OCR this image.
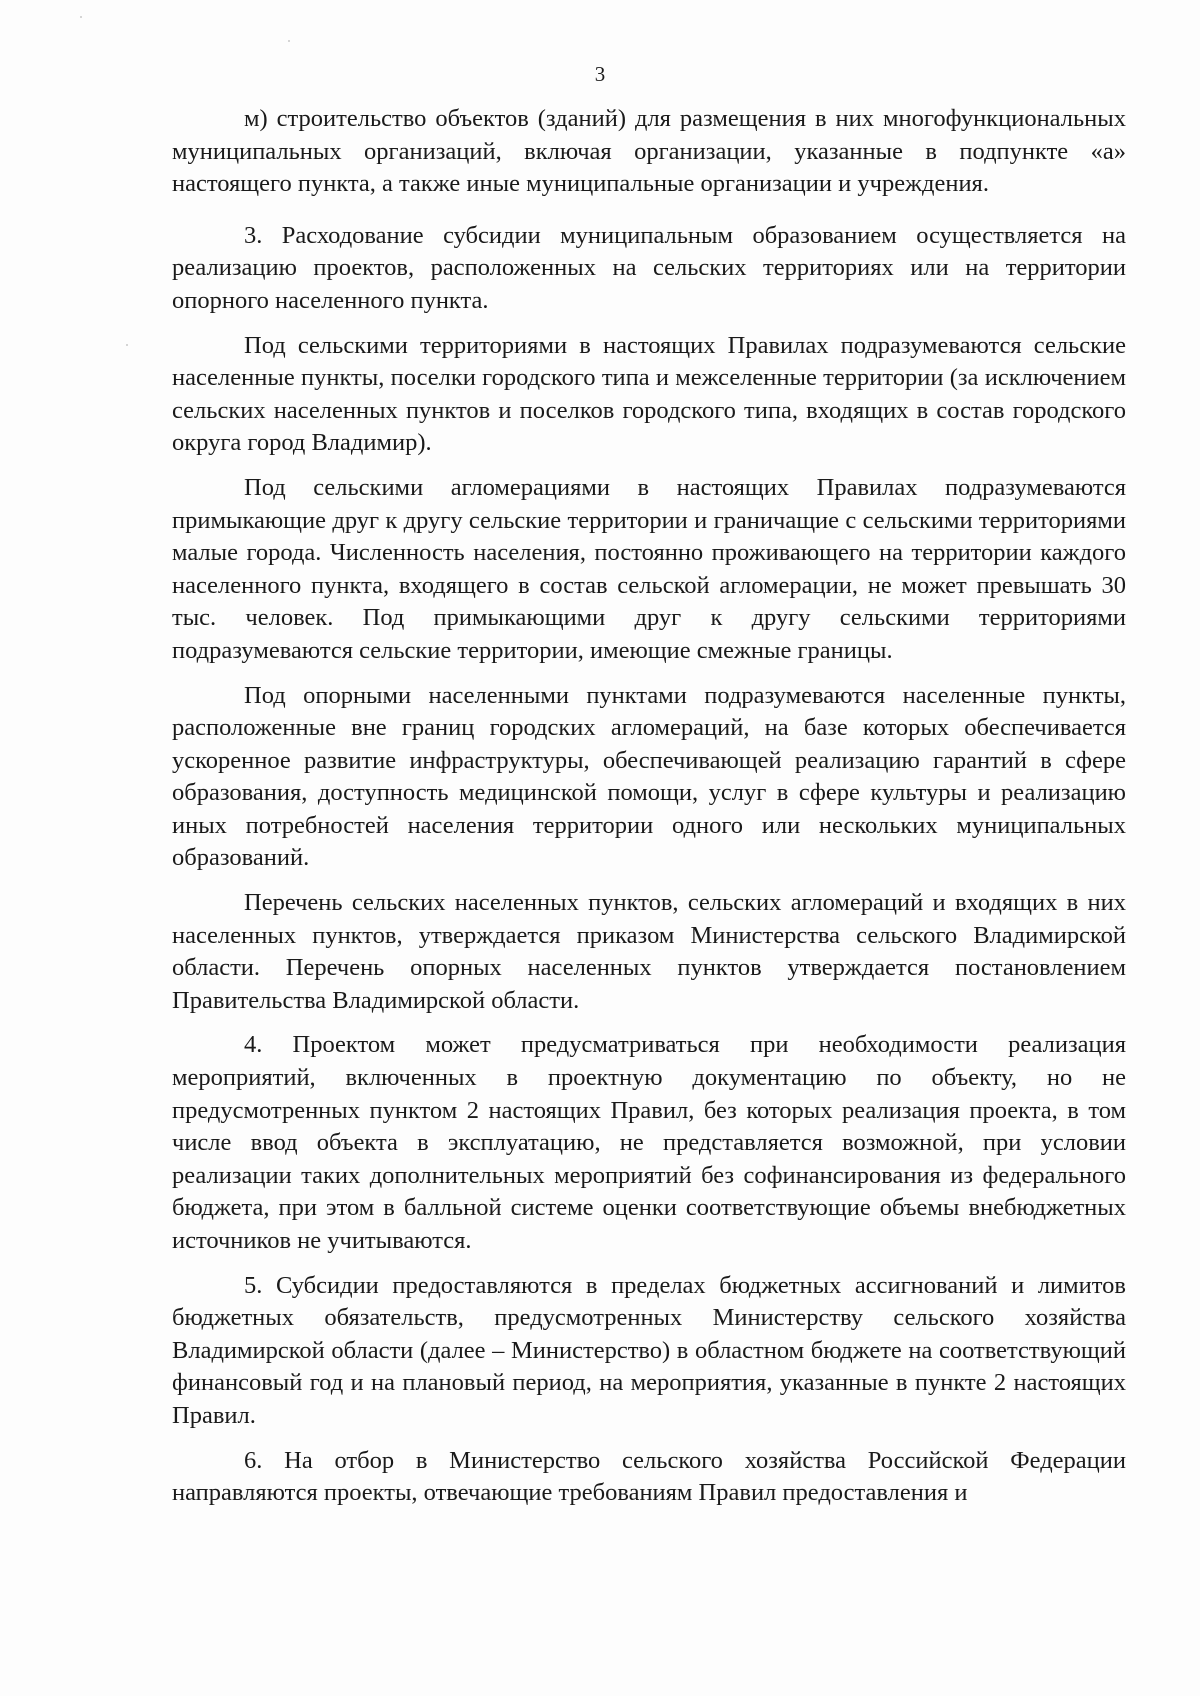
3

м) строительство объектов (зданий) для размещения в них многофункциональных муниципальных организаций, включая организации, указанные в подпункте «а» настоящего пункта, а также иные муниципальные организации и учреждения.

3. Расходование субсидии муниципальным образованием осуществляется на реализацию проектов, расположенных на сельских территориях или на территории опорного населенного пункта.

Под сельскими территориями в настоящих Правилах подразумеваются сельские населенные пункты, поселки городского типа и межселенные территории (за исключением сельских населенных пунктов и поселков городского типа, входящих в состав городского округа город Владимир).

Под сельскими агломерациями в настоящих Правилах подразумеваются примыкающие друг к другу сельские территории и граничащие с сельскими территориями малые города. Численность населения, постоянно проживающего на территории каждого населенного пункта, входящего в состав сельской агломерации, не может превышать 30 тыс. человек. Под примыкающими друг к другу сельскими территориями подразумеваются сельские территории, имеющие смежные границы.

Под опорными населенными пунктами подразумеваются населенные пункты, расположенные вне границ городских агломераций, на базе которых обеспечивается ускоренное развитие инфраструктуры, обеспечивающей реализацию гарантий в сфере образования, доступность медицинской помощи, услуг в сфере культуры и реализацию иных потребностей населения территории одного или нескольких муниципальных образований.

Перечень сельских населенных пунктов, сельских агломераций и входящих в них населенных пунктов, утверждается приказом Министерства сельского Владимирской области. Перечень опорных населенных пунктов утверждается постановлением Правительства Владимирской области.

4. Проектом может предусматриваться при необходимости реализация мероприятий, включенных в проектную документацию по объекту, но не предусмотренных пунктом 2 настоящих Правил, без которых реализация проекта, в том числе ввод объекта в эксплуатацию, не представляется возможной, при условии реализации таких дополнительных мероприятий без софинансирования из федерального бюджета, при этом в балльной системе оценки соответствующие объемы внебюджетных источников не учитываются.

5. Субсидии предоставляются в пределах бюджетных ассигнований и лимитов бюджетных обязательств, предусмотренных Министерству сельского хозяйства Владимирской области (далее – Министерство) в областном бюджете на соответствующий финансовый год и на плановый период, на мероприятия, указанные в пункте 2 настоящих Правил.

6. На отбор в Министерство сельского хозяйства Российской Федерации направляются проекты, отвечающие требованиям Правил предоставления и
